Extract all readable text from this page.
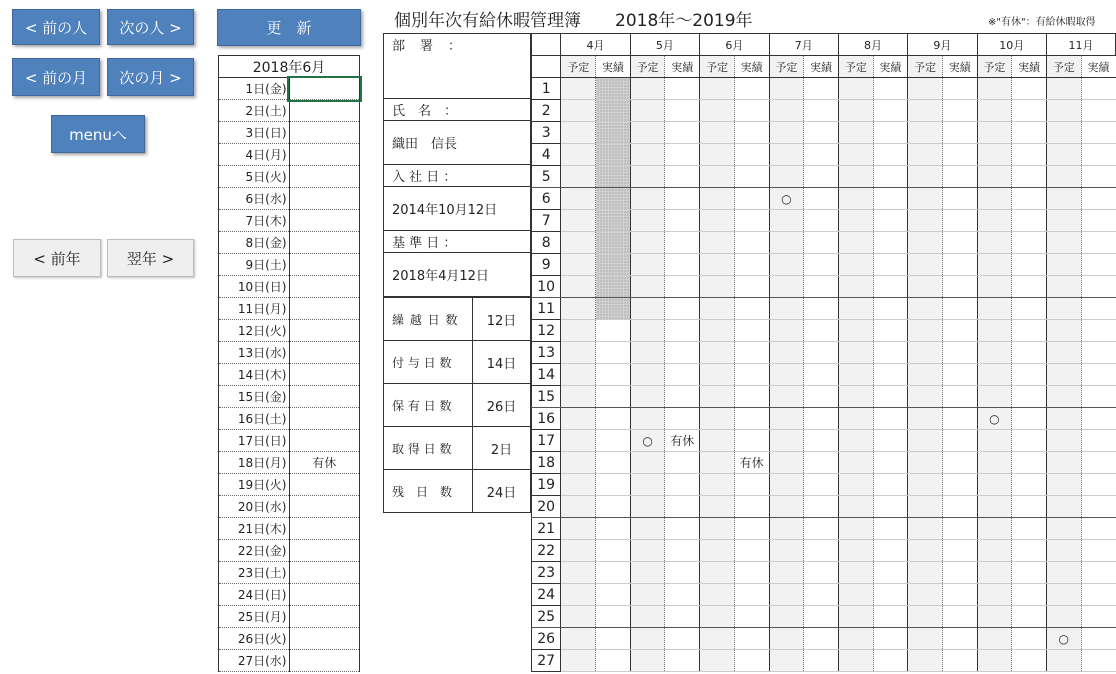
< 前の人	次の人 >
< 前の月	次の月 >
menuへ
< 前年	翌年 >
更　新
2018年6月	
1日(金)	
2日(土)	
3日(日)	
4日(月)	
5日(火)	
6日(水)	
7日(木)	
8日(金)	
9日(土)	
10日(日)	
11日(月)	
12日(火)	
13日(水)	
14日(木)	
15日(金)	
16日(土)	
17日(日)	
18日(月)	有休
19日(火)	
20日(水)	
21日(木)	
22日(金)	
23日(土)	
24日(日)	
25日(月)	
26日(火)	
27日(水)	
個別年次有給休暇管理簿　　2018年～2019年	※"有休"：有給休暇取得
部　署　：

氏　名　：
織田　信長
入 社 日 ：
2014年10月12日
基 準 日 ：
2018年4月12日
繰 越 日 数	12日
付 与 日 数	14日
保 有 日 数	26日
取 得 日 数	2日
残　日　数	24日
	4月		5月		6月		7月		8月		9月		10月		11月	
	予定	実績	予定	実績	予定	実績	予定	実績	予定	実績	予定	実績	予定	実績	予定	実績
1																
2																
3																
4																
5																
6							○									
7																
8																
9																
10																
11																
12																
13																
14																
15																
16													○			
17			○	有休												
18						有休										
19																
20																
21																
22																
23																
24																
25																
26															○	
27																
